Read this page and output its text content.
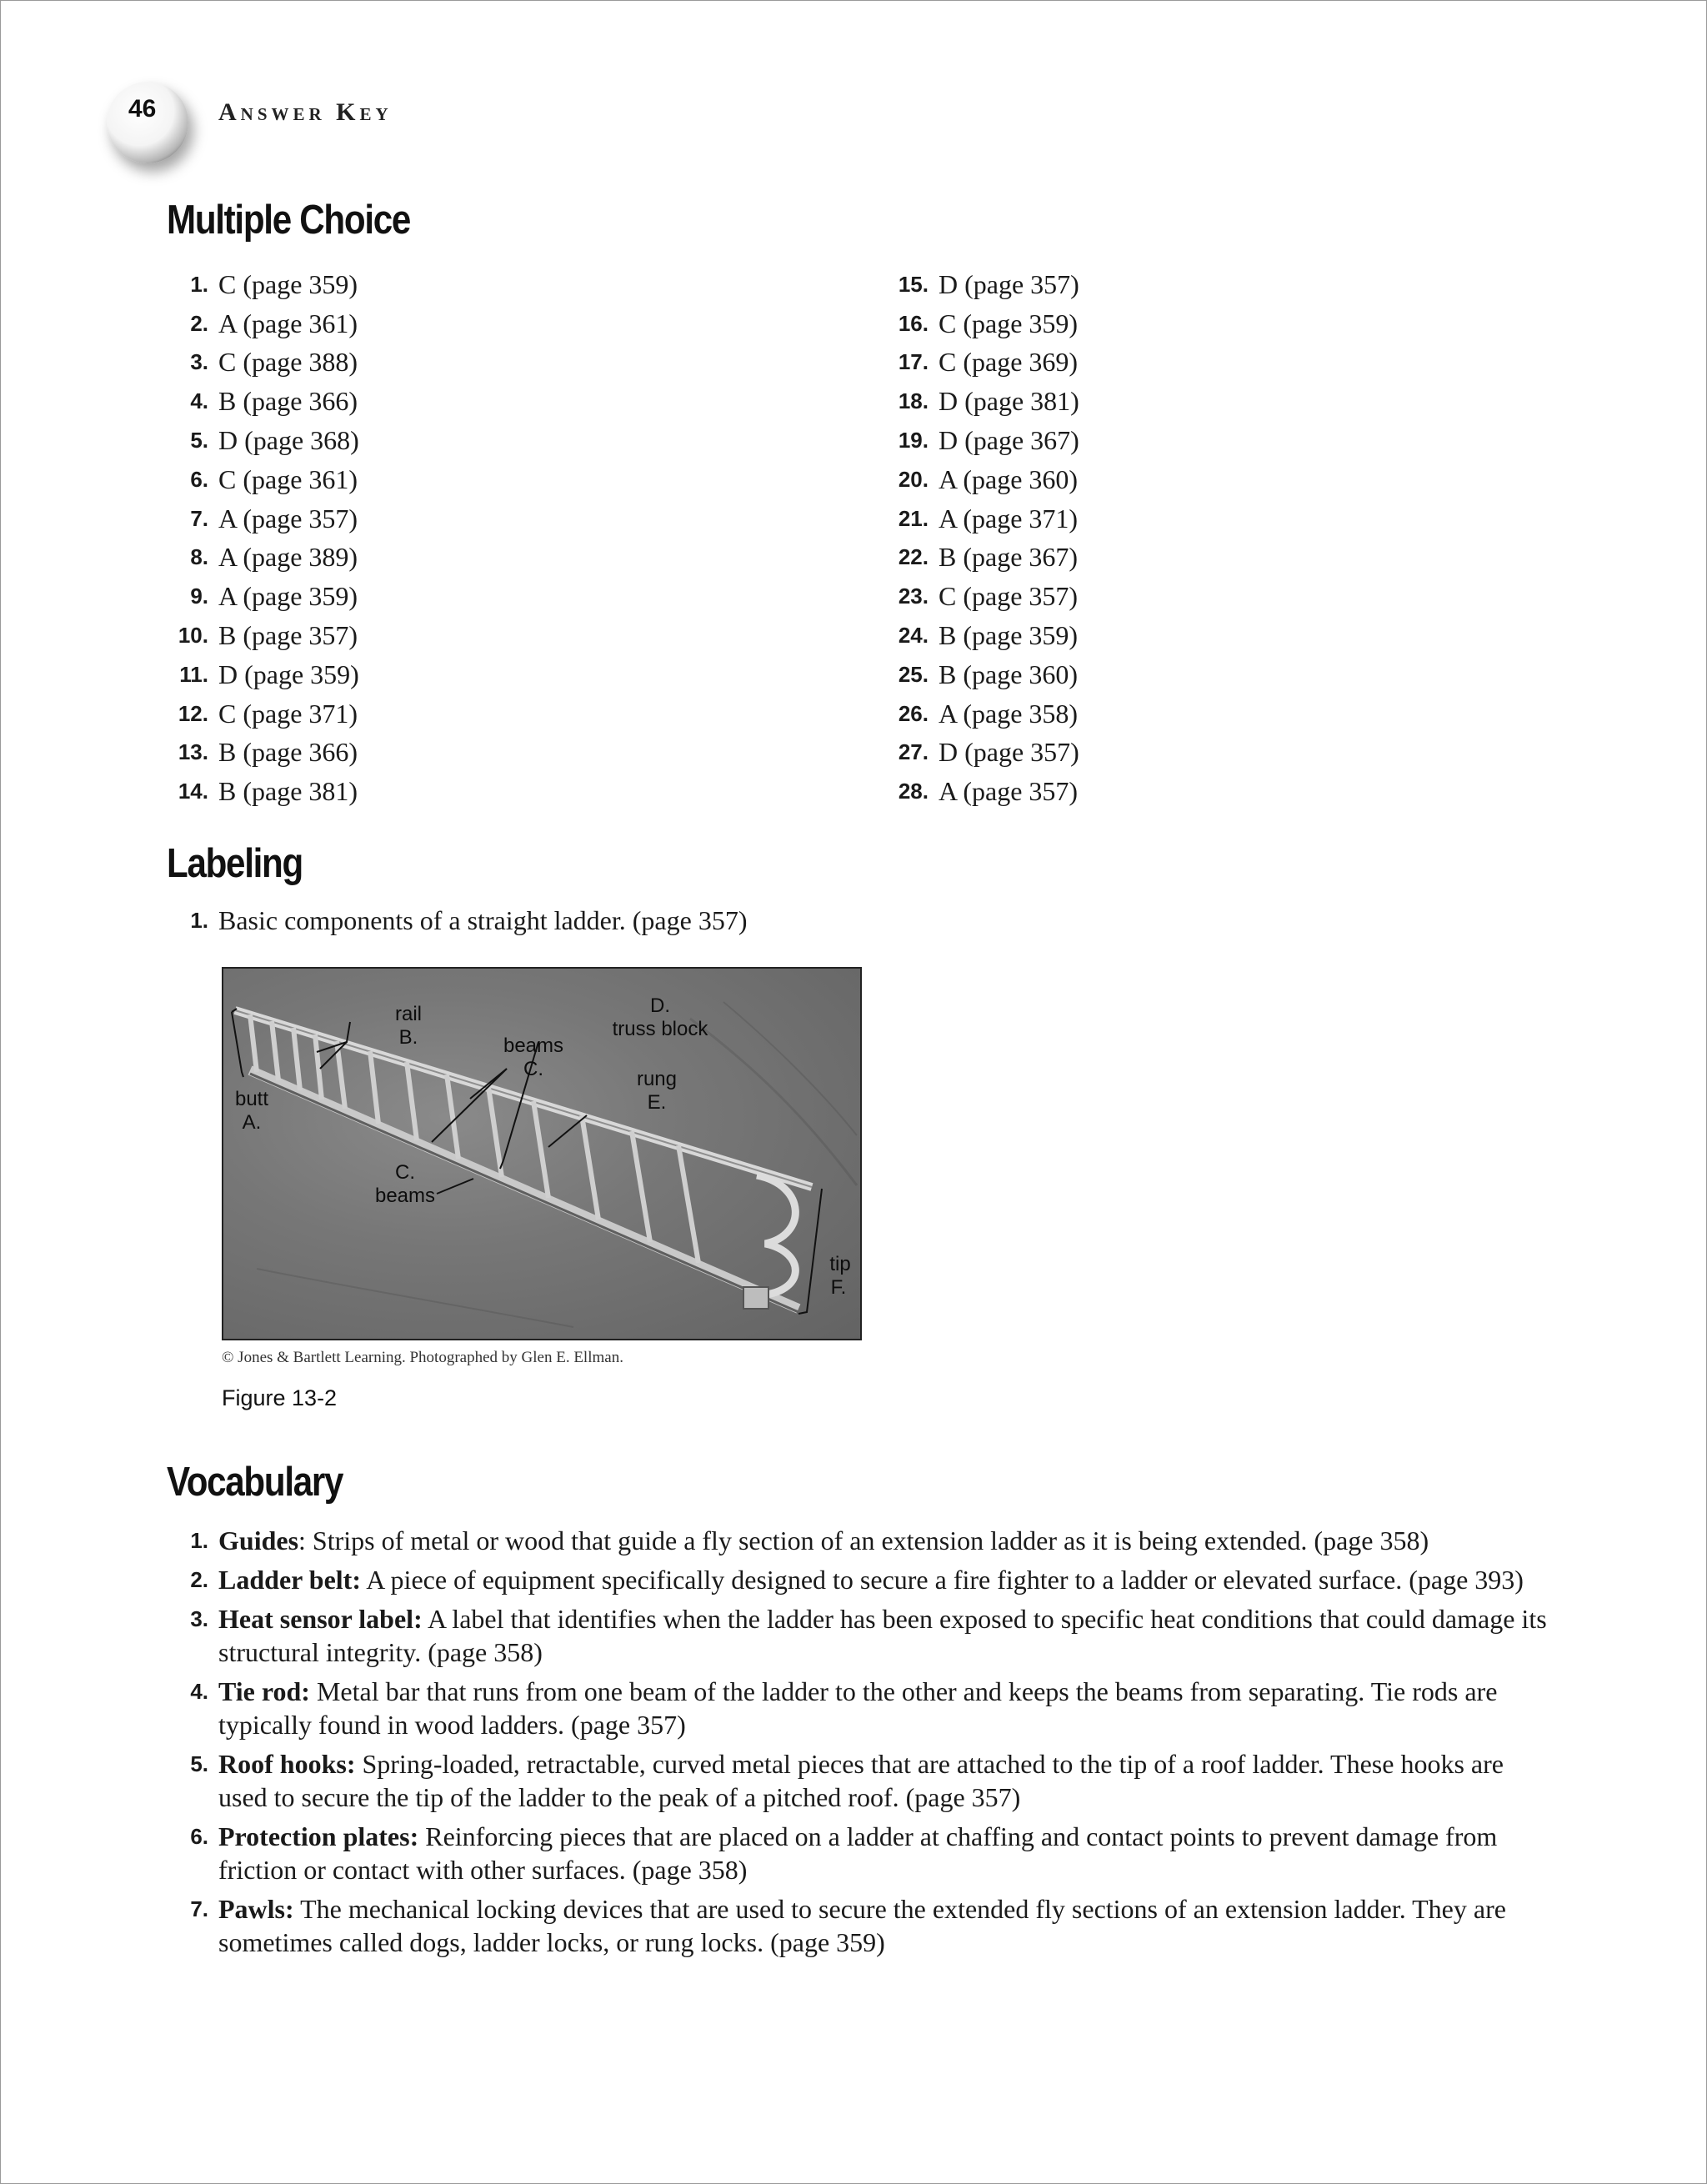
46 Answer Key
Multiple Choice
1. C (page 359)
2. A (page 361)
3. C (page 388)
4. B (page 366)
5. D (page 368)
6. C (page 361)
7. A (page 357)
8. A (page 389)
9. A (page 359)
10. B (page 357)
11. D (page 359)
12. C (page 371)
13. B (page 366)
14. B (page 381)
15. D (page 357)
16. C (page 359)
17. C (page 369)
18. D (page 381)
19. D (page 367)
20. A (page 360)
21. A (page 371)
22. B (page 367)
23. C (page 357)
24. B (page 359)
25. B (page 360)
26. A (page 358)
27. D (page 357)
28. A (page 357)
Labeling
1. Basic components of a straight ladder. (page 357)
rail
B.
D.
truss block
beams
C.	rung
E.
butt
A.
C.
beams
tip
F.
© Jones & Bartlett Learning. Photographed by Glen E. Ellman.
Figure 13-2
Vocabulary
1. Guides: Strips of metal or wood that guide a fly section of an extension ladder as it is being extended. (page 358)
2. Ladder belt: A piece of equipment specifically designed to secure a fire fighter to a ladder or elevated surface. (page 393)
3. Heat sensor label: A label that identifies when the ladder has been exposed to specific heat conditions that could damage its structural integrity. (page 358)
4. Tie rod: Metal bar that runs from one beam of the ladder to the other and keeps the beams from separating. Tie rods are typically found in wood ladders. (page 357)
5. Roof hooks: Spring-loaded, retractable, curved metal pieces that are attached to the tip of a roof ladder. These hooks are used to secure the tip of the ladder to the peak of a pitched roof. (page 357)
6. Protection plates: Reinforcing pieces that are placed on a ladder at chaffing and contact points to prevent damage from friction or contact with other surfaces. (page 358)
7. Pawls: The mechanical locking devices that are used to secure the extended fly sections of an extension ladder. They are sometimes called dogs, ladder locks, or rung locks. (page 359)
